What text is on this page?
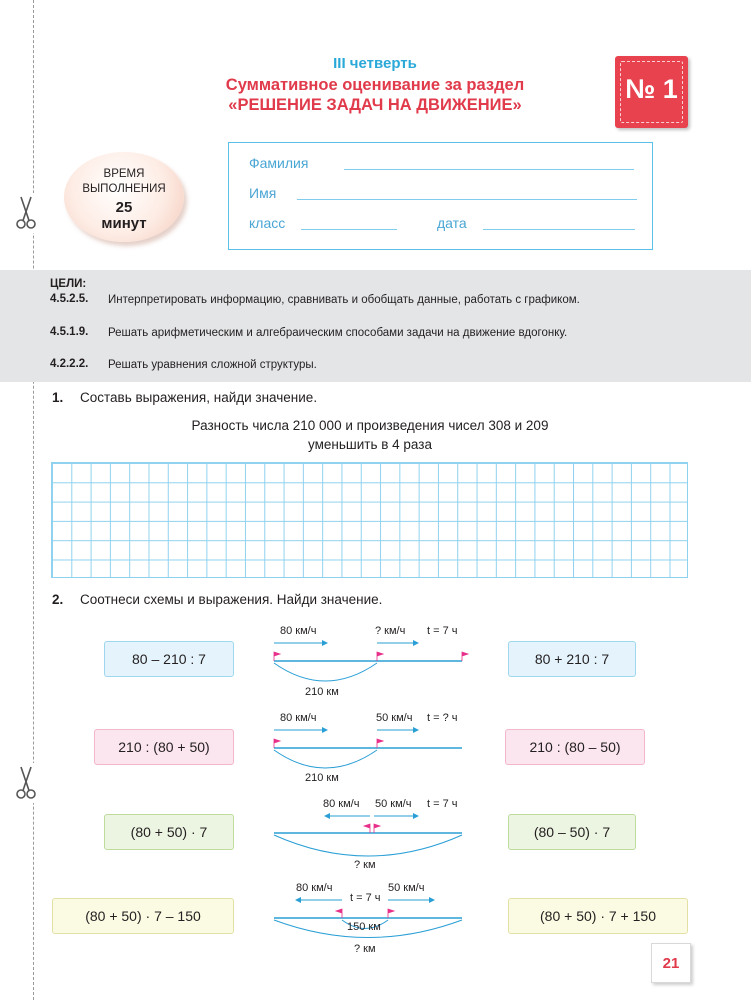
III четверть
Суммативное оценивание за раздел
«РЕШЕНИЕ ЗАДАЧ НА ДВИЖЕНИЕ»
№ 1
ВРЕМЯ
ВЫПОЛНЕНИЯ
25
минут
Фамилия
Имя
класс	дата
ЦЕЛИ:
4.5.2.5. Интерпретировать информацию, сравнивать и обобщать данные, работать с графиком.
4.5.1.9. Решать арифметическим и алгебраическим способами задачи на движение вдогонку.
4.2.2.2. Решать уравнения сложной структуры.
1. Составь выражения, найди значение.
Разность числа 210 000 и произведения чисел 308 и 209
уменьшить в 4 раза
2. Соотнеси схемы и выражения. Найди значение.
80 – 210 : 7
210 : (80 + 50)
(80 + 50) · 7
(80 + 50) · 7 – 150
80 + 210 : 7
210 : (80 – 50)
(80 – 50) · 7
(80 + 50) · 7 + 150
80 км/ч	? км/ч t = 7 ч
210 км
80 км/ч	50 км/ч t = ? ч
210 км
80 км/ч 50 км/ч t = 7 ч
? км
80 км/ч	50 км/ч
t = 7 ч
150 км
? км
21
